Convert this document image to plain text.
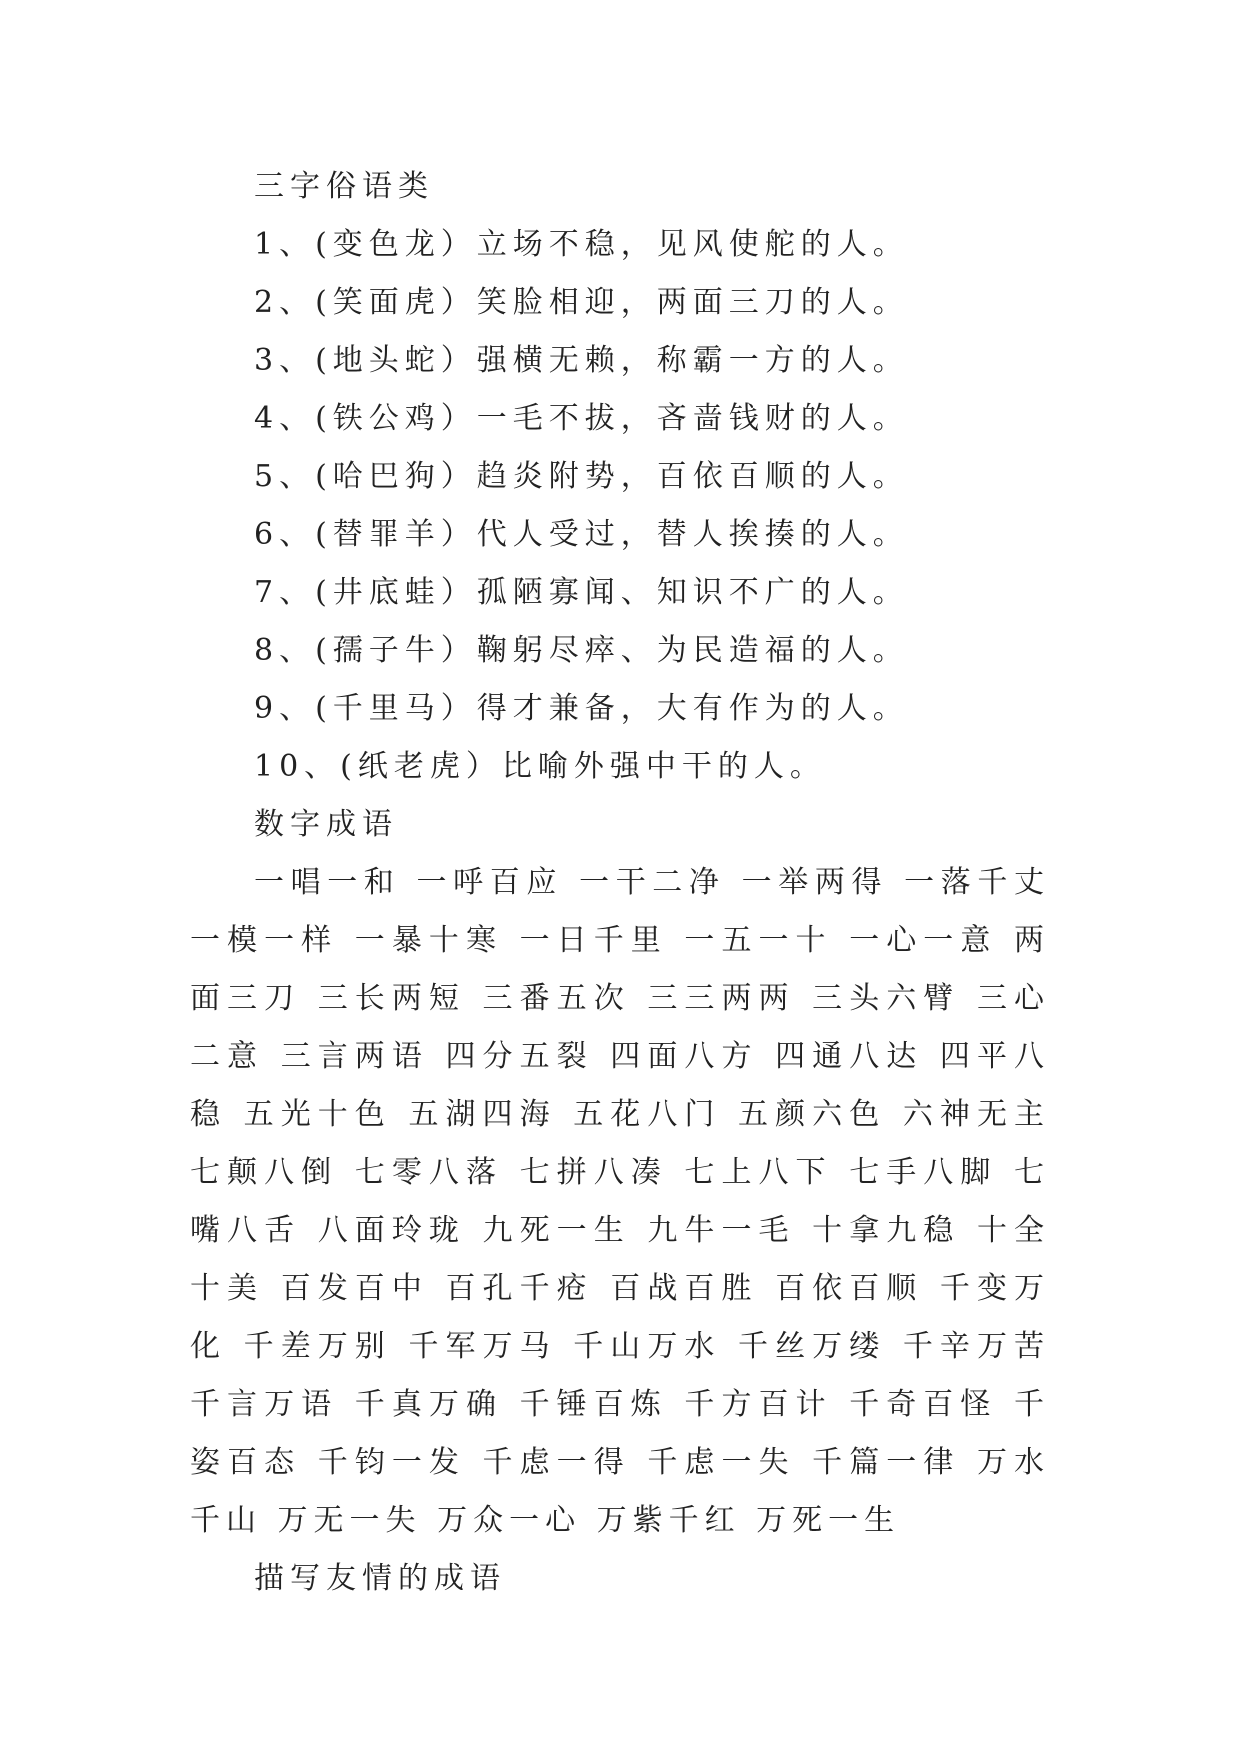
三字俗语类

1、(变色龙）立场不稳，见风使舵的人。

2、(笑面虎）笑脸相迎，两面三刀的人。

3、(地头蛇）强横无赖，称霸一方的人。

4、(铁公鸡）一毛不拔，吝啬钱财的人。

5、(哈巴狗）趋炎附势，百依百顺的人。

6、(替罪羊）代人受过，替人挨揍的人。

7、(井底蛙）孤陋寡闻、知识不广的人。

8、(孺子牛）鞠躬尽瘁、为民造福的人。

9、(千里马）得才兼备，大有作为的人。

10、(纸老虎）比喻外强中干的人。

数字成语

一唱一和 一呼百应 一干二净 一举两得 一落千丈 一模一样 一暴十寒 一日千里 一五一十 一心一意 两面三刀 三长两短 三番五次 三三两两 三头六臂 三心二意 三言两语 四分五裂 四面八方 四通八达 四平八稳 五光十色 五湖四海 五花八门 五颜六色 六神无主 七颠八倒 七零八落 七拼八凑 七上八下 七手八脚 七嘴八舌 八面玲珑 九死一生 九牛一毛 十拿九稳 十全十美 百发百中 百孔千疮 百战百胜 百依百顺 千变万化 千差万别 千军万马 千山万水 千丝万缕 千辛万苦 千言万语 千真万确 千锤百炼 千方百计 千奇百怪 千姿百态 千钧一发 千虑一得 千虑一失 千篇一律 万水千山 万无一失 万众一心 万紫千红 万死一生

描写友情的成语
